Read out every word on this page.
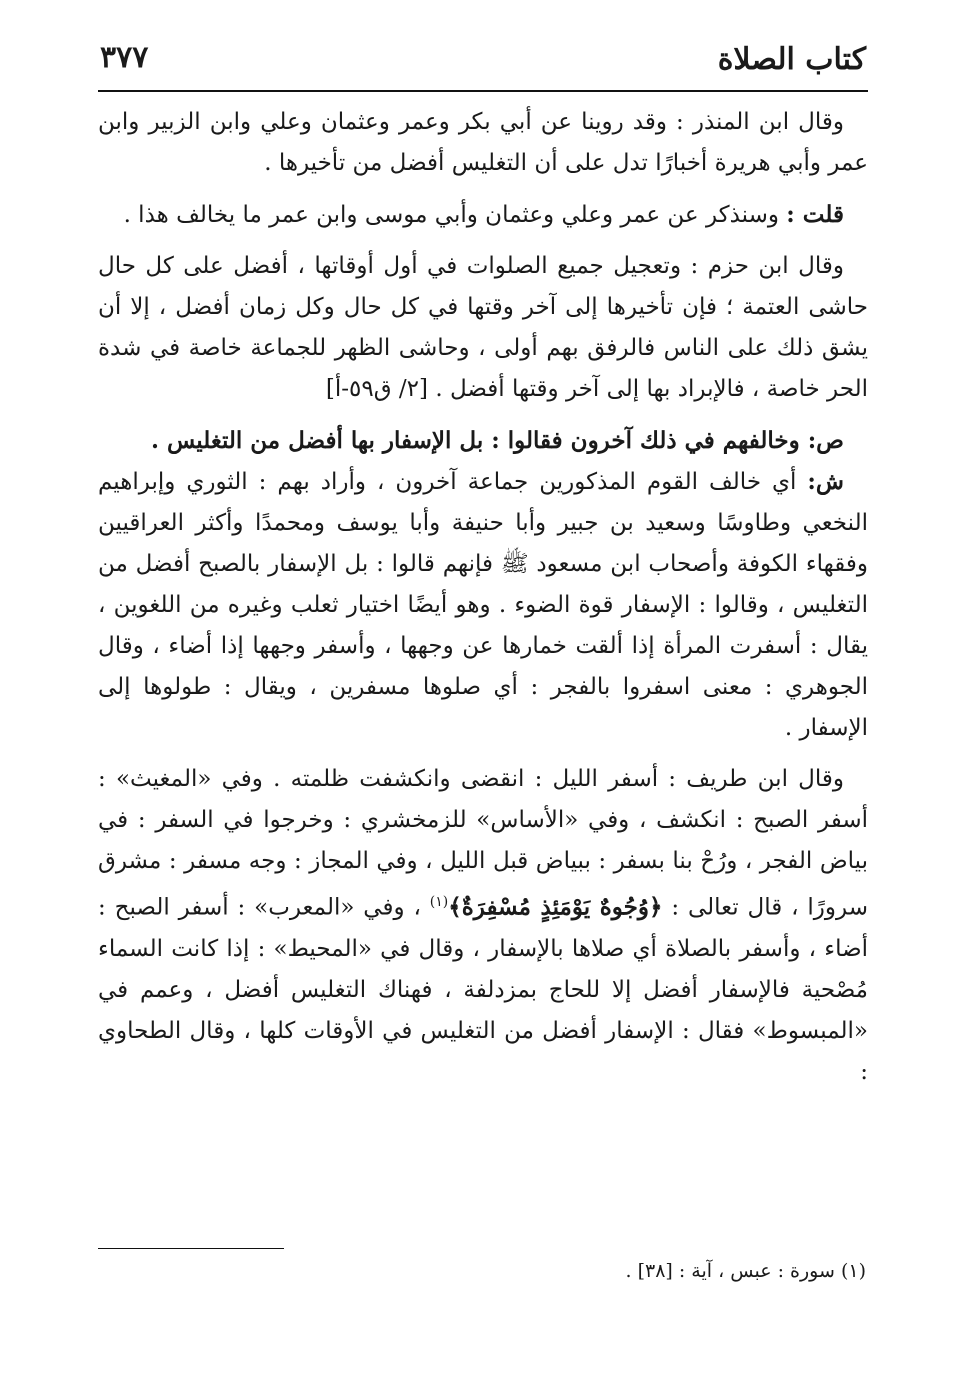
كتاب الصلاة
٣٧٧

وقال ابن المنذر : وقد روينا عن أبي بكر وعمر وعثمان وعلي وابن الزبير وابن عمر وأبي هريرة أخبارًا تدل على أن التغليس أفضل من تأخيرها .

قلت : وسنذكر عن عمر وعلي وعثمان وأبي موسى وابن عمر ما يخالف هذا .

وقال ابن حزم : وتعجيل جميع الصلوات في أول أوقاتها ، أفضل على كل حال حاشى العتمة ؛ فإن تأخيرها إلى آخر وقتها في كل حال وكل زمان أفضل ، إلا أن يشق ذلك على الناس فالرفق بهم أولى ، وحاشى الظهر للجماعة خاصة في شدة الحر خاصة ، فالإبراد بها إلى آخر وقتها أفضل . [٢/ ق٥٩-أ]

ص: وخالفهم في ذلك آخرون فقالوا : بل الإسفار بها أفضل من التغليس .

ش: أي خالف القوم المذكورين جماعة آخرون ، وأراد بهم : الثوري وإبراهيم النخعي وطاوسًا وسعيد بن جبير وأبا حنيفة وأبا يوسف ومحمدًا وأكثر العراقيين وفقهاء الكوفة وأصحاب ابن مسعود ﷺ فإنهم قالوا : بل الإسفار بالصبح أفضل من التغليس ، وقالوا : الإسفار قوة الضوء . وهو أيضًا اختيار ثعلب وغيره من اللغوين ، يقال : أسفرت المرأة إذا ألقت خمارها عن وجهها ، وأسفر وجهها إذا أضاء ، وقال الجوهري : معنى اسفروا بالفجر : أي صلوها مسفرين ، ويقال : طولوها إلى الإسفار .

وقال ابن طريف : أسفر الليل : انقضى وانكشفت ظلمته . وفي «المغيث» : أسفر الصبح : انكشف ، وفي «الأساس» للزمخشري : وخرجوا في السفر : في بياض الفجر ، ورُحْ بنا بسفر : ببياض قبل الليل ، وفي المجاز : وجه مسفر : مشرق سرورًا ، قال تعالى : ﴿وُجُوهٌ يَوْمَئِذٍ مُسْفِرَةٌ﴾$^{(١)}$ ، وفي «المعرب» : أسفر الصبح : أضاء ، وأسفر بالصلاة أي صلاها بالإسفار ، وقال في «المحيط» : إذا كانت السماء مُصْحية فالإسفار أفضل إلا للحاج بمزدلفة ، فهناك التغليس أفضل ، وعمم في «المبسوط» فقال : الإسفار أفضل من التغليس في الأوقات كلها ، وقال الطحاوي :

(١) سورة : عبس ، آية : [٣٨] .
